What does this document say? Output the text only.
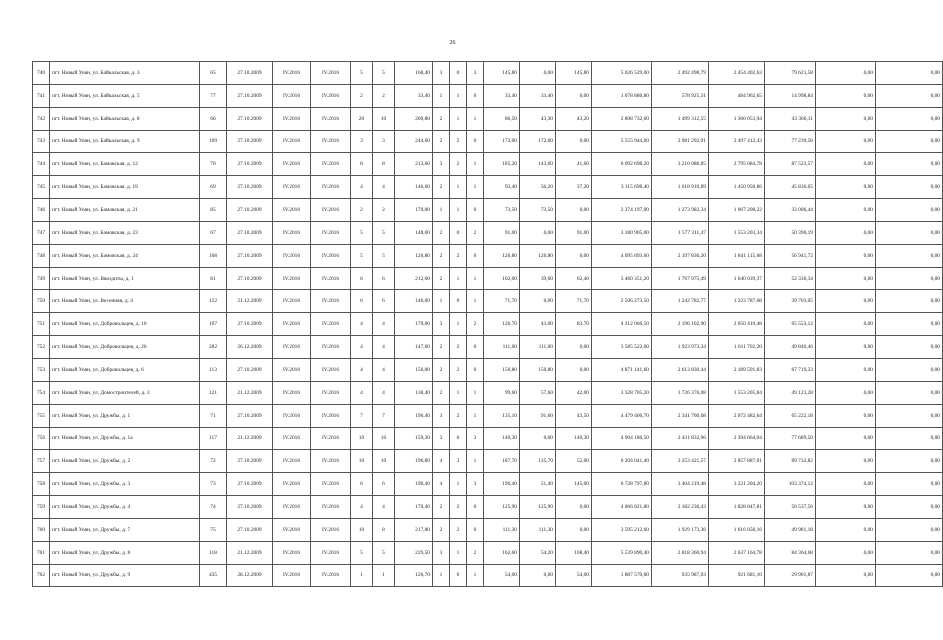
26
740	пгт. Новый Уоян, ул. Байкальская, д. 3	65	27.10.2009	IV.2016	IV.2016	5	5	168,40	3	0	3	145,80	0,00	145,80	5 026 529,00	2 492 498,79	2 454 402,63	79 621,58	0,00	0,00
741	пгт. Новый Уоян, ул. Байкальская, д. 5	77	27.10.2009	IV.2016	IV.2016	2	2	33,40	1	1	0	33,40	33,40	0,00	1 078 886,80	578 925,31	484 962,65	14 998,84	0,00	0,00
742	пгт. Новый Уоян, ул. Байкальская, д. 8	66	27.10.2009	IV.2016	IV.2016	20	10	200,80	2	1	1	86,50	43,30	43,20	2 808 732,60	1 499 312,55	1 366 053,94	43 366,11	0,00	0,00
743	пгт. Новый Уоян, ул. Байкальская, д. 9	109	27.10.2009	IV.2016	IV.2016	3	3	244,60	2	2	0	172,00	172,00	0,00	5 555 944,00	2 981 292,01	2 497 412,43	77 239,56	0,00	0,00
744	пгт. Новый Уоян, ул. Бамовская, д. 12	70	27.10.2009	IV.2016	IV.2016	8	8	213,60	3	2	1	185,20	143,60	41,60	6 092 698,20	3 210 088,85	2 795 084,78	87 523,57	0,00	0,00
745	пгт. Новый Уоян, ул. Бамовская, д. 19	69	27.10.2009	IV.2016	IV.2016	4	4	146,60	2	1	1	93,40	56,20	37,20	3 115 698,40	1 618 910,89	1 450 950,86	45 836,65	0,00	0,00
746	пгт. Новый Уоян, ул. Бамовская, д. 21	85	27.10.2009	IV.2016	IV.2016	2	2	170,00	1	1	0	73,50	73,50	0,00	2 374 197,00	1 273 982,34	1 067 208,22	33 006,44	0,00	0,00
747	пгт. Новый Уоян, ул. Бамовская, д. 23	67	27.10.2009	IV.2016	IV.2016	5	5	148,00	2	0	2	91,00	0,00	91,00	3 180 905,00	1 577 311,47	1 553 203,34	50 390,19	0,00	0,00
748	пгт. Новый Уоян, ул. Бамовская, д. 24	108	27.10.2009	IV.2016	IV.2016	5	5	126,80	2	2	0	126,80	126,80	0,00	4 095 893,60	2 197 836,20	1 841 115,68	56 941,72	0,00	0,00
749	пгт. Новый Уоян, ул. Ввоздиты, д. 1	81	27.10.2009	IV.2016	IV.2016	6	6	212,00	2	1	1	102,00	39,60	62,40	3 460 351,20	1 767 975,49	1 640 039,37	52 336,34	0,00	0,00
750	пгт. Новый Уоян, ул. Весенняя, д. 4	122	21.12.2009	IV.2016	IV.2016	6	6	146,00	1	0	1	71,70	0,00	71,70	2 506 273,50	1 242 782,77	1 223 787,68	39 703,05	0,00	0,00
751	пгт. Новый Уоян, ул. Добровольцев, д. 10	107	27.10.2009	IV.2016	IV.2016	4	4	170,00	3	1	2	126,70	43,00	83,70	4 312 066,50	2 196 102,90	2 050 410,48	65 553,12	0,00	0,00
752	пгт. Новый Уоян, ул. Добровольцев, д. 26	282	26.12.2009	IV.2016	IV.2016	4	4	147,00	2	2	0	111,00	111,00	0,00	3 585 522,00	1 923 973,34	1 611 702,20	49 846,46	0,00	0,00
753	пгт. Новый Уоян, ул. Добровольцев, д. 6	113	27.10.2009	IV.2016	IV.2016	4	4	150,00	2	2	0	150,80	150,80	0,00	4 871 141,60	2 613 830,44	2 189 591,83	67 719,33	0,00	0,00
754	пгт. Новый Уоян, ул. Домостроителей, д. 3	121	21.12.2009	IV.2016	IV.2016	4	4	138,40	2	1	1	99,60	57,60	42,00	3 328 705,20	1 726 376,08	1 553 205,84	49 123,28	0,00	0,00
755	пгт. Новый Уоян, ул. Дружбы, д. 1	71	27.10.2009	IV.2016	IV.2016	7	7	196,40	3	2	1	135,10	91,60	43,50	4 479 406,70	2 341 760,68	2 072 482,64	65 222,18	0,00	0,00
756	пгт. Новый Уоян, ул. Дружбы, д. 1а	117	21.12.2009	IV.2016	IV.2016	10	10	159,30	3	0	3	140,30	0,00	140,30	4 904 186,50	2 431 832,96	2 394 664,04	77 689,50	0,00	0,00
757	пгт. Новый Уоян, ул. Дружбы, д. 2	72	27.10.2009	IV.2016	IV.2016	10	10	196,80	4	3	1	187,70	135,70	52,00	6 204 041,40	3 253 421,57	2 857 887,01	89 732,82	0,00	0,00
758	пгт. Новый Уоян, ул. Дружбы, д. 3	73	27.10.2009	IV.2016	IV.2016	6	6	190,40	4	1	3	196,40	51,40	145,00	6 728 797,80	3 404 219,48	3 221 204,20	103 374,12	0,00	0,00
759	пгт. Новый Уоян, ул. Дружбы, д. 4	74	27.10.2009	IV.2016	IV.2016	4	4	170,40	2	2	0	125,90	125,90	0,00	4 066 821,80	2 182 236,43	1 828 047,81	56 537,56	0,00	0,00
760	пгт. Новый Уоян, ул. Дружбы, д. 7	75	27.10.2009	IV.2016	IV.2016	10	8	217,80	2	2	0	111,30	111,30	0,00	3 595 212,60	1 929 173,36	1 616 058,16	49 981,18	0,00	0,00
761	пгт. Новый Уоян, ул. Дружбы, д. 8	118	21.12.2009	IV.2016	IV.2016	5	5	229,50	3	1	2	162,60	54,20	108,40	5 539 890,40	2 818 360,94	2 637 164,78	84 364,68	0,00	0,00
762	пгт. Новый Уоян, ул. Дружбы, д. 9	435	28.12.2009	IV.2016	IV.2016	1	1	126,70	1	0	1	54,00	0,00	54,00	1 887 570,00	935 987,03	921 681,10	29 901,87	0,00	0,00
